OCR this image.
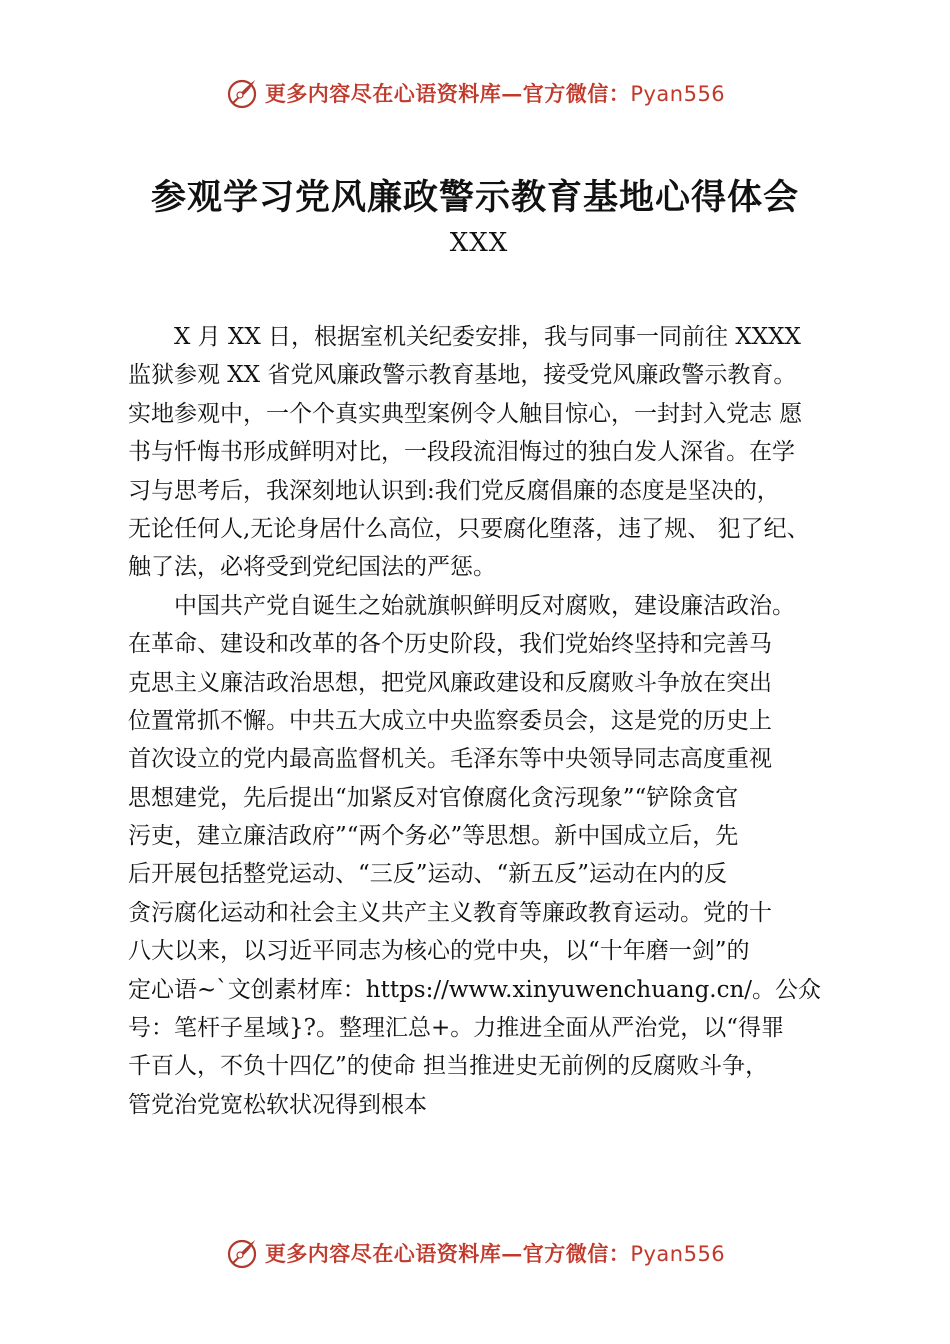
更多内容尽在心语资料库—官方微信：Pyan556
参观学习党风廉政警示教育基地心得体会
XXX
　　X 月 XX 日，根据室机关纪委安排，我与同事一同前往 XXXX
监狱参观 XX 省党风廉政警示教育基地，接受党风廉政警示教育。
实地参观中，一个个真实典型案例令人触目惊心，一封封入党志 愿
书与忏悔书形成鲜明对比，一段段流泪悔过的独白发人深省。在学
习与思考后，我深刻地认识到:我们党反腐倡廉的态度是坚决的，
无论任何人,无论身居什么高位，只要腐化堕落，违了规、 犯了纪、
触了法，必将受到党纪国法的严惩。
　　中国共产党自诞生之始就旗帜鲜明反对腐败，建设廉洁政治。
在革命、建设和改革的各个历史阶段，我们党始终坚持和完善马
克思主义廉洁政治思想，把党风廉政建设和反腐败斗争放在突出
位置常抓不懈。中共五大成立中央监察委员会，这是党的历史上
首次设立的党内最高监督机关。毛泽东等中央领导同志高度重视
思想建党，先后提出“加紧反对官僚腐化贪污现象”“铲除贪官
污吏，建立廉洁政府”“两个务必”等思想。新中国成立后，先
后开展包括整党运动、“三反”运动、“新五反”运动在内的反
贪污腐化运动和社会主义共产主义教育等廉政教育运动。党的十
八大以来，以习近平同志为核心的党中央，以“十年磨一剑”的
定心语~`文创素材库：https://www.xinyuwenchuang.cn/。公众
号：笔杆子星域}?。整理汇总+。力推进全面从严治党，以“得罪
千百人，不负十四亿”的使命 担当推进史无前例的反腐败斗争，
管党治党宽松软状况得到根本
更多内容尽在心语资料库—官方微信：Pyan556
